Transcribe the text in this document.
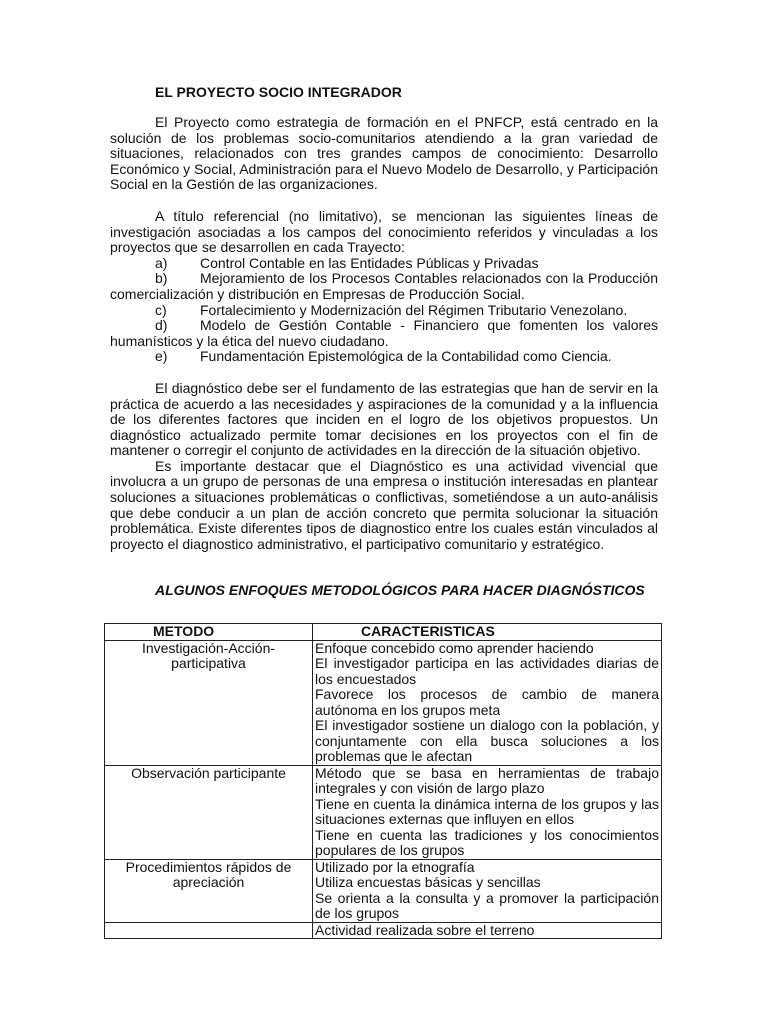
EL PROYECTO SOCIO INTEGRADOR

El Proyecto como estrategia de formación en el PNFCP, está centrado en la solución de los problemas socio-comunitarios atendiendo a la gran variedad de situaciones, relacionados con tres grandes campos de conocimiento: Desarrollo Económico y Social, Administración para el Nuevo Modelo de Desarrollo, y Participación Social en la Gestión de las organizaciones.

A título referencial (no limitativo), se mencionan las siguientes líneas de investigación asociadas a los campos del conocimiento referidos y vinculadas a los proyectos que se desarrollen en cada Trayecto:

a) Control Contable en las Entidades Públicas y Privadas
b) Mejoramiento de los Procesos Contables relacionados con la Producción comercialización y distribución en Empresas de Producción Social.
c) Fortalecimiento y Modernización del Régimen Tributario Venezolano.
d) Modelo de Gestión Contable - Financiero que fomenten los valores humanísticos y la ética del nuevo ciudadano.
e) Fundamentación Epistemológica de la Contabilidad como Ciencia.

El diagnóstico debe ser el fundamento de las estrategias que han de servir en la práctica de acuerdo a las necesidades y aspiraciones de la comunidad y a la influencia de los diferentes factores que inciden en el logro de los objetivos propuestos. Un diagnóstico actualizado permite tomar decisiones en los proyectos con el fin de mantener o corregir el conjunto de actividades en la dirección de la situación objetivo.

Es importante destacar que el Diagnóstico es una actividad vivencial que involucra a un grupo de personas de una empresa o institución interesadas en plantear soluciones a situaciones problemáticas o conflictivas, sometiéndose a un auto-análisis que debe conducir a un plan de acción concreto que permita solucionar la situación problemática. Existe diferentes tipos de diagnostico entre los cuales están vinculados al proyecto el diagnostico administrativo, el participativo comunitario y estratégico.

ALGUNOS ENFOQUES METODOLÓGICOS PARA HACER DIAGNÓSTICOS
METODO	CARACTERISTICAS
Investigación-Acción-participativa	Enfoque concebido como aprender haciendo
El investigador participa en las actividades diarias de los encuestados
Favorece los procesos de cambio de manera autónoma en los grupos meta
El investigador sostiene un dialogo con la población, y conjuntamente con ella busca soluciones a los problemas que le afectan

Observación participante	Método que se basa en herramientas de trabajo integrales y con visión de largo plazo
Tiene en cuenta la dinámica interna de los grupos y las situaciones externas que influyen en ellos
Tiene en cuenta las tradiciones y los conocimientos populares de los grupos

Procedimientos rápidos de apreciación	Utilizado por la etnografía
Utiliza encuestas básicas y sencillas
Se orienta a la consulta y a promover la participación de los grupos

	Actividad realizada sobre el terreno
